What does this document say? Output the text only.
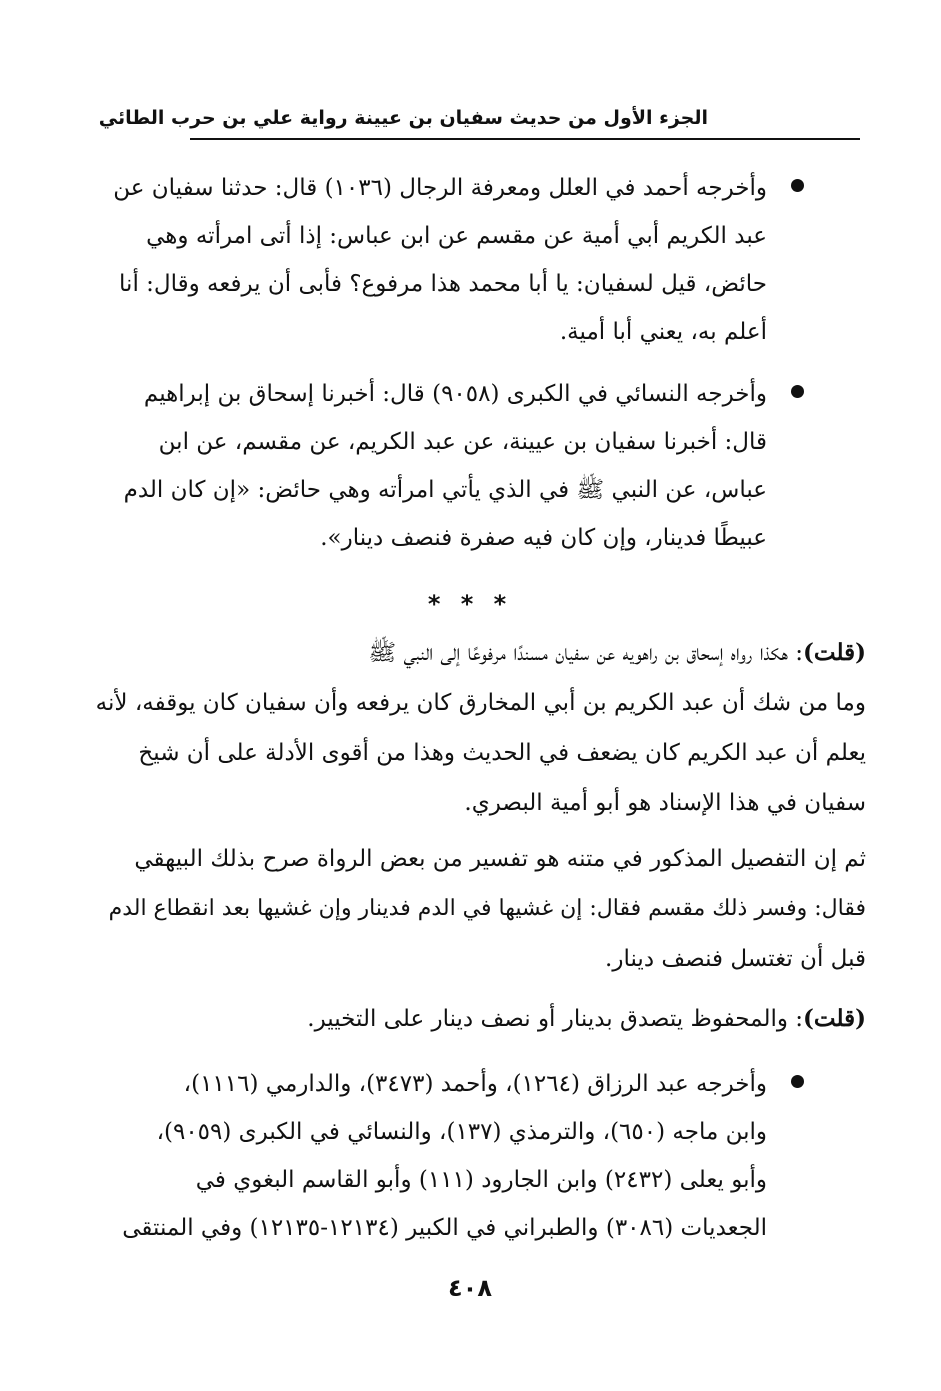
الجزء الأول من حديث سفيان بن عيينة رواية علي بن حرب الطائي
وأخرجه أحمد في العلل ومعرفة الرجال (١٠٣٦) قال: حدثنا سفيان عن
عبد الكريم أبي أمية عن مقسم عن ابن عباس: إذا أتى امرأته وهي
حائض، قيل لسفيان: يا أبا محمد هذا مرفوع؟ فأبى أن يرفعه وقال: أنا
أعلم به، يعني أبا أمية.
وأخرجه النسائي في الكبرى (٩٠٥٨) قال: أخبرنا إسحاق بن إبراهيم
قال: أخبرنا سفيان بن عيينة، عن عبد الكريم، عن مقسم، عن ابن
عباس، عن النبي ﷺ في الذي يأتي امرأته وهي حائض: «إن كان الدم
عبيطًا فدينار، وإن كان فيه صفرة فنصف دينار».
* * *
(قلت): هكذا رواه إسحاق بن راهويه عن سفيان مسندًا مرفوعًا إلى النبي ﷺ
وما من شك أن عبد الكريم بن أبي المخارق كان يرفعه وأن سفيان كان يوقفه، لأنه
يعلم أن عبد الكريم كان يضعف في الحديث وهذا من أقوى الأدلة على أن شيخ
سفيان في هذا الإسناد هو أبو أمية البصري.
ثم إن التفصيل المذكور في متنه هو تفسير من بعض الرواة صرح بذلك البيهقي
فقال: وفسر ذلك مقسم فقال: إن غشيها في الدم فدينار وإن غشيها بعد انقطاع الدم
قبل أن تغتسل فنصف دينار.
(قلت): والمحفوظ يتصدق بدينار أو نصف دينار على التخيير.
وأخرجه عبد الرزاق (١٢٦٤)، وأحمد (٣٤٧٣)، والدارمي (١١١٦)،
وابن ماجه (٦٥٠)، والترمذي (١٣٧)، والنسائي في الكبرى (٩٠٥٩)،
وأبو يعلى (٢٤٣٢) وابن الجارود (١١١) وأبو القاسم البغوي في
الجعديات (٣٠٨٦) والطبراني في الكبير (١٢١٣٤-١٢١٣٥) وفي المنتقى
٤٠٨
